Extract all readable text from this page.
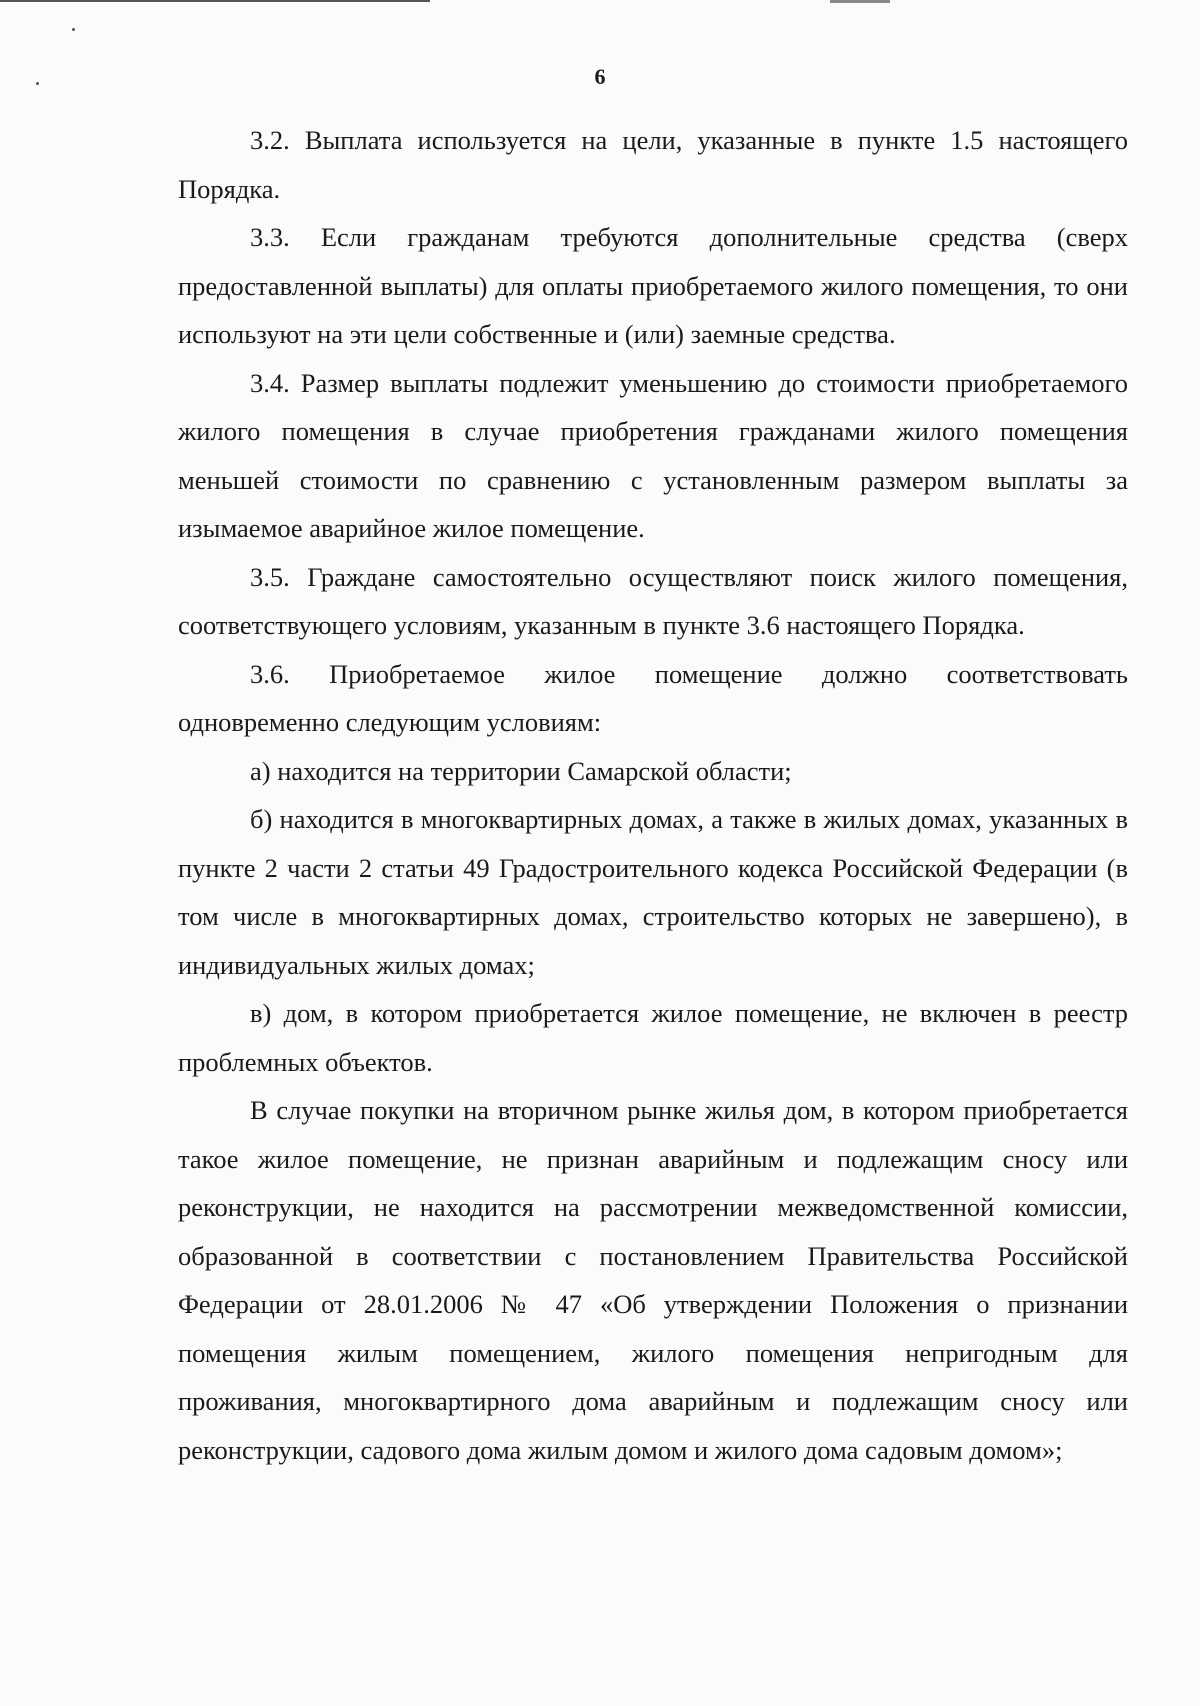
6

3.2. Выплата используется на цели, указанные в пункте 1.5 настоящего Порядка.

3.3. Если гражданам требуются дополнительные средства (сверх предоставленной выплаты) для оплаты приобретаемого жилого помещения, то они используют на эти цели собственные и (или) заемные средства.

3.4. Размер выплаты подлежит уменьшению до стоимости приобретаемого жилого помещения в случае приобретения гражданами жилого помещения меньшей стоимости по сравнению с установленным размером выплаты за изымаемое аварийное жилое помещение.

3.5. Граждане самостоятельно осуществляют поиск жилого помещения, соответствующего условиям, указанным в пункте 3.6 настоящего Порядка.

3.6. Приобретаемое жилое помещение должно соответствовать одновременно следующим условиям:

а) находится на территории Самарской области;

б) находится в многоквартирных домах, а также в жилых домах, указанных в пункте 2 части 2 статьи 49 Градостроительного кодекса Российской Федерации (в том числе в многоквартирных домах, строительство которых не завершено), в индивидуальных жилых домах;

в) дом, в котором приобретается жилое помещение, не включен в реестр проблемных объектов.

В случае покупки на вторичном рынке жилья дом, в котором приобретается такое жилое помещение, не признан аварийным и подлежащим сносу или реконструкции, не находится на рассмотрении межведомственной комиссии, образованной в соответствии с постановлением Правительства Российской Федерации от 28.01.2006 № 47 «Об утверждении Положения о признании помещения жилым помещением, жилого помещения непригодным для проживания, многоквартирного дома аварийным и подлежащим сносу или реконструкции, садового дома жилым домом и жилого дома садовым домом»;
